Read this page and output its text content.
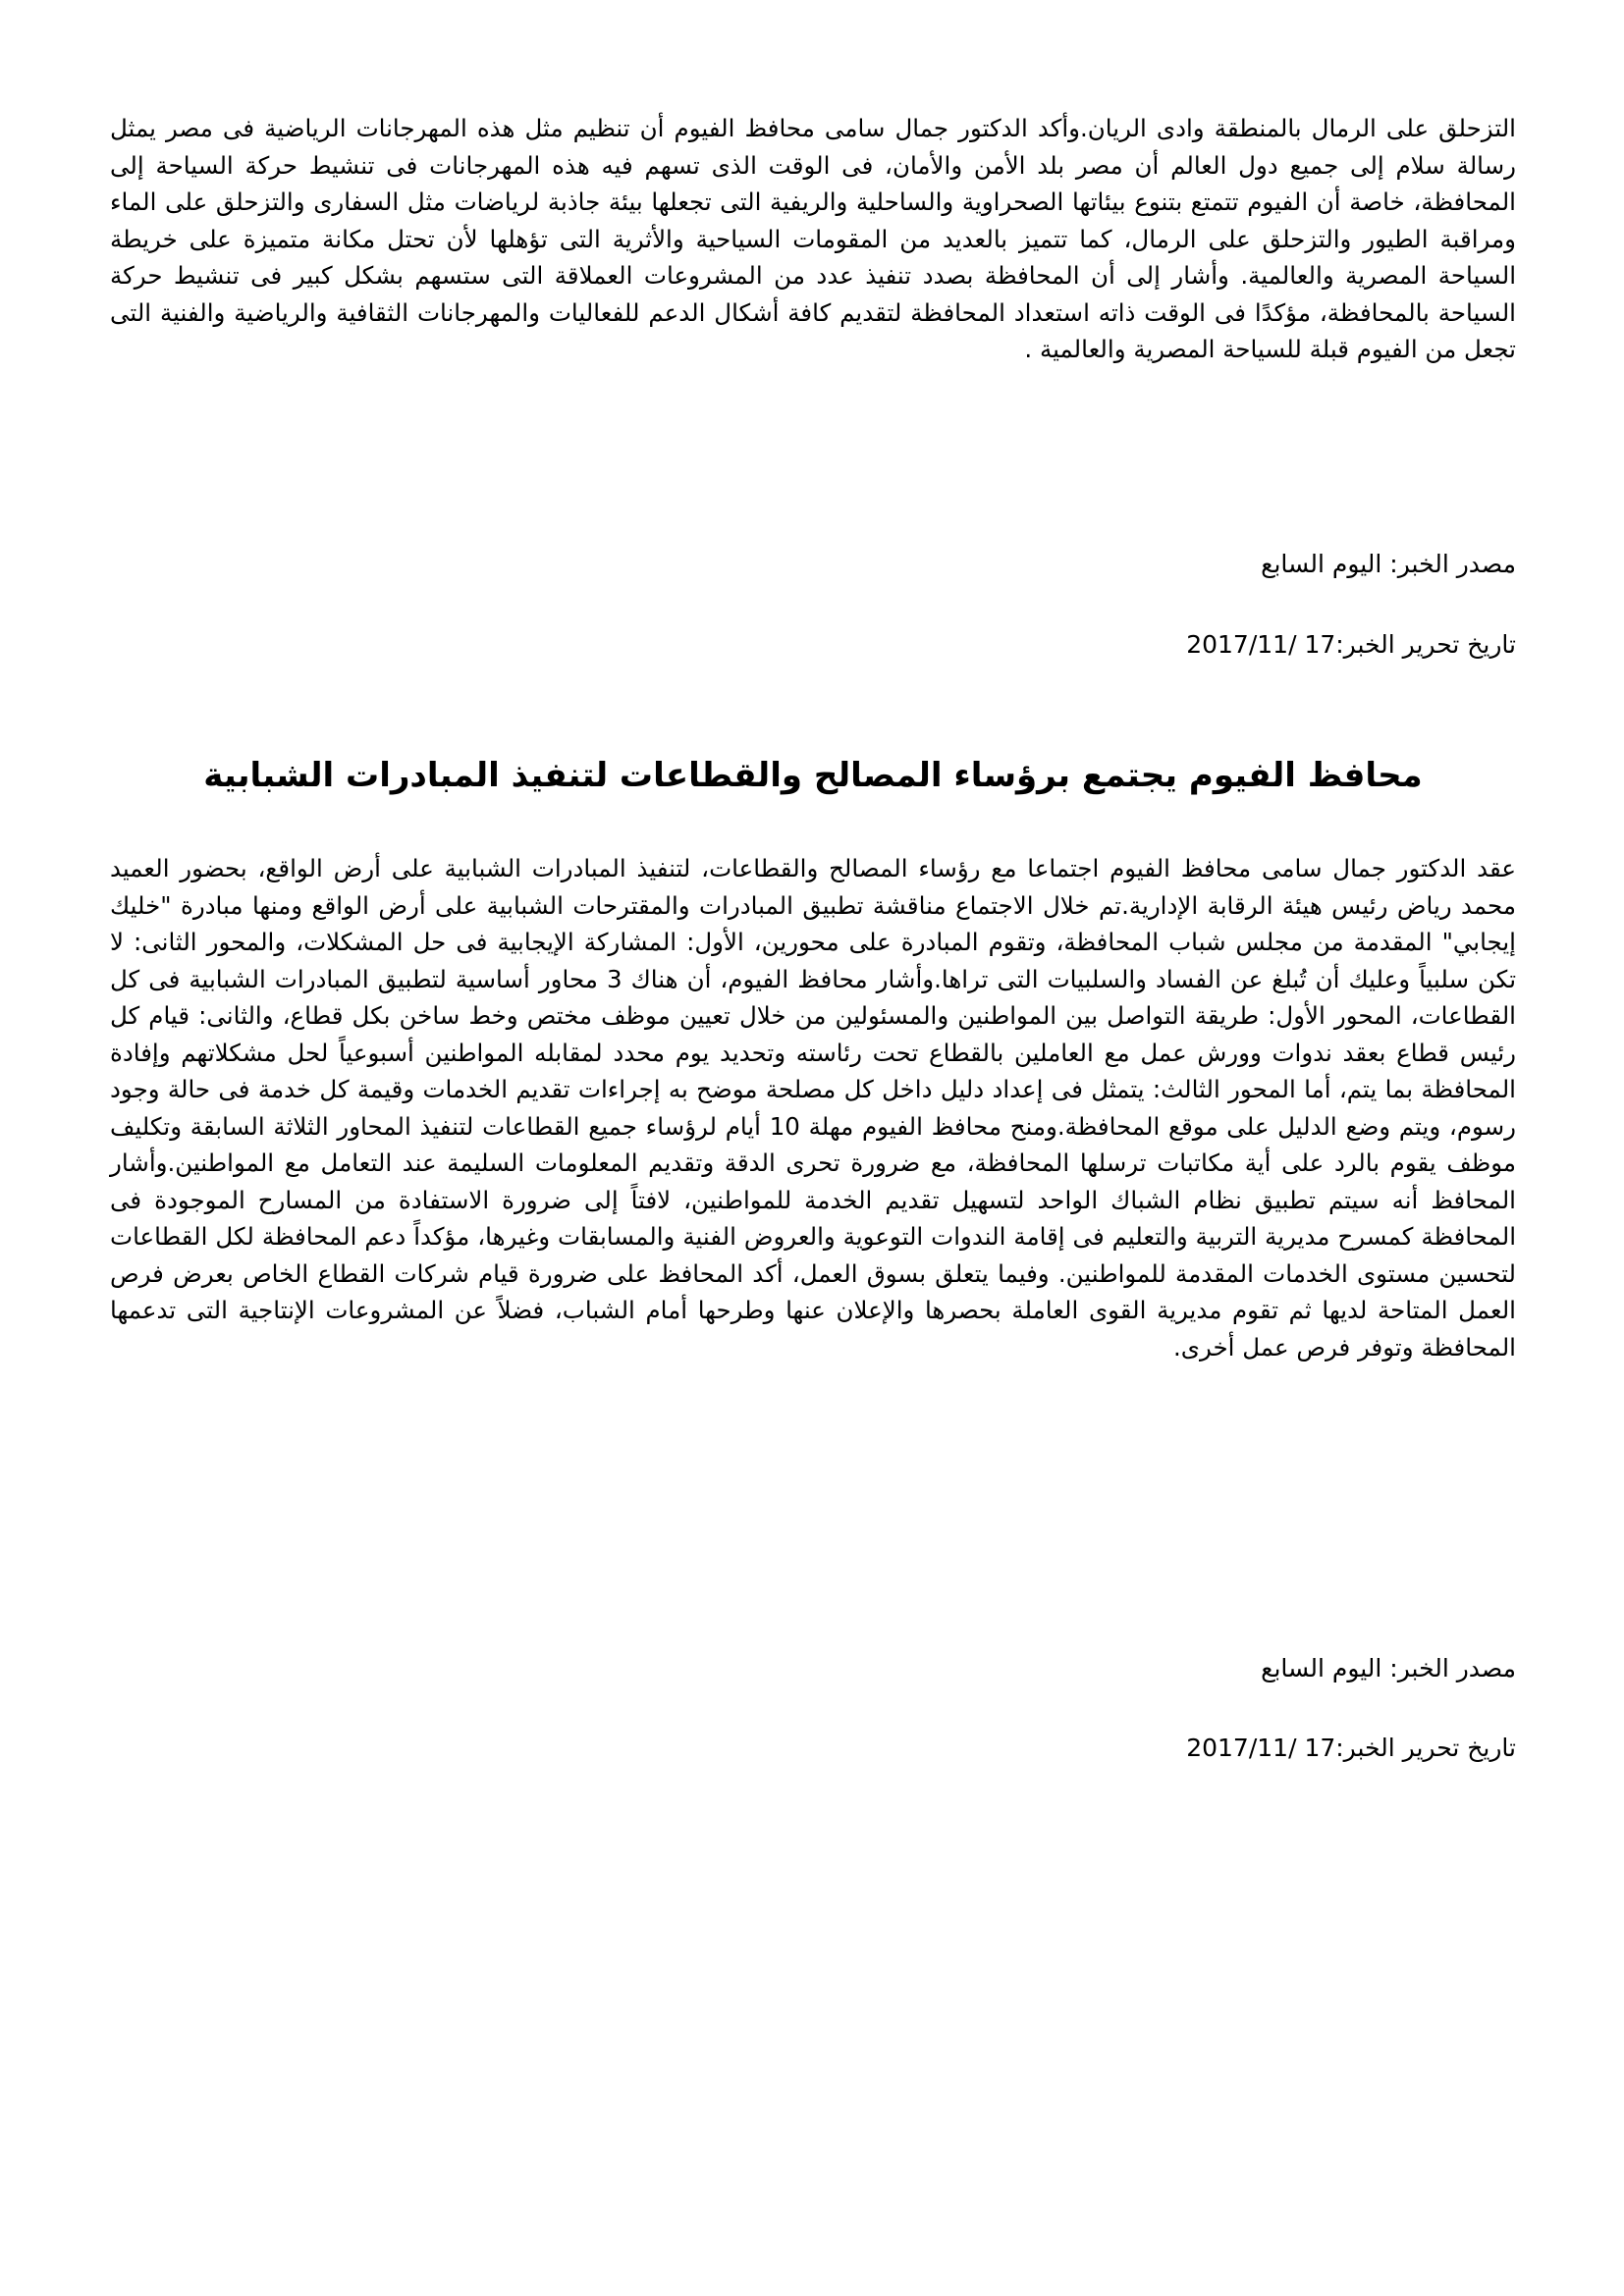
التزحلق على الرمال بالمنطقة وادى الريان.وأكد الدكتور جمال سامى محافظ الفيوم أن تنظيم مثل هذه المهرجانات الرياضية فى مصر يمثل رسالة سلام إلى جميع دول العالم أن مصر بلد الأمن والأمان، فى الوقت الذى تسهم فيه هذه المهرجانات فى تنشيط حركة السياحة إلى المحافظة، خاصة أن الفيوم تتمتع بتنوع بيئاتها الصحراوية والساحلية والريفية التى تجعلها بيئة جاذبة لرياضات مثل السفارى والتزحلق على الماء ومراقبة الطيور والتزحلق على الرمال، كما تتميز بالعديد من المقومات السياحية والأثرية التى تؤهلها لأن تحتل مكانة متميزة على خريطة السياحة المصرية والعالمية. وأشار إلى أن المحافظة بصدد تنفيذ عدد من المشروعات العملاقة التى ستسهم بشكل كبير فى تنشيط حركة السياحة بالمحافظة، مؤكدًا فى الوقت ذاته استعداد المحافظة لتقديم كافة أشكال الدعم للفعاليات والمهرجانات الثقافية والرياضية والفنية التى تجعل من الفيوم قبلة للسياحة المصرية والعالمية .

مصدر الخبر: اليوم السابع

تاريخ تحرير الخبر:17 /2017/11

محافظ الفيوم يجتمع برؤساء المصالح والقطاعات لتنفيذ المبادرات الشبابية

عقد الدكتور جمال سامى محافظ الفيوم اجتماعا مع رؤساء المصالح والقطاعات، لتنفيذ المبادرات الشبابية على أرض الواقع، بحضور العميد محمد رياض رئيس هيئة الرقابة الإدارية.تم خلال الاجتماع مناقشة تطبيق المبادرات والمقترحات الشبابية على أرض الواقع ومنها مبادرة "خليك إيجابي" المقدمة من مجلس شباب المحافظة، وتقوم المبادرة على محورين، الأول: المشاركة الإيجابية فى حل المشكلات، والمحور الثانى: لا تكن سلبياً وعليك أن تُبلغ عن الفساد والسلبيات التى تراها.وأشار محافظ الفيوم، أن هناك 3 محاور أساسية لتطبيق المبادرات الشبابية فى كل القطاعات، المحور الأول: طريقة التواصل بين المواطنين والمسئولين من خلال تعيين موظف مختص وخط ساخن بكل قطاع، والثانى: قيام كل رئيس قطاع بعقد ندوات وورش عمل مع العاملين بالقطاع تحت رئاسته وتحديد يوم محدد لمقابله المواطنين أسبوعياً لحل مشكلاتهم وإفادة المحافظة بما يتم، أما المحور الثالث: يتمثل فى إعداد دليل داخل كل مصلحة موضح به إجراءات تقديم الخدمات وقيمة كل خدمة فى حالة وجود رسوم، ويتم وضع الدليل على موقع المحافظة.ومنح محافظ الفيوم مهلة 10 أيام لرؤساء جميع القطاعات لتنفيذ المحاور الثلاثة السابقة وتكليف موظف يقوم بالرد على أية مكاتبات ترسلها المحافظة، مع ضرورة تحرى الدقة وتقديم المعلومات السليمة عند التعامل مع المواطنين.وأشار المحافظ أنه سيتم تطبيق نظام الشباك الواحد لتسهيل تقديم الخدمة للمواطنين، لافتاً إلى ضرورة الاستفادة من المسارح الموجودة فى المحافظة كمسرح مديرية التربية والتعليم فى إقامة الندوات التوعوية والعروض الفنية والمسابقات وغيرها، مؤكداً دعم المحافظة لكل القطاعات لتحسين مستوى الخدمات المقدمة للمواطنين. وفيما يتعلق بسوق العمل، أكد المحافظ على ضرورة قيام شركات القطاع الخاص بعرض فرص العمل المتاحة لديها ثم تقوم مديرية القوى العاملة بحصرها والإعلان عنها وطرحها أمام الشباب، فضلاً عن المشروعات الإنتاجية التى تدعمها المحافظة وتوفر فرص عمل أخرى.

مصدر الخبر: اليوم السابع

تاريخ تحرير الخبر:17 /2017/11
